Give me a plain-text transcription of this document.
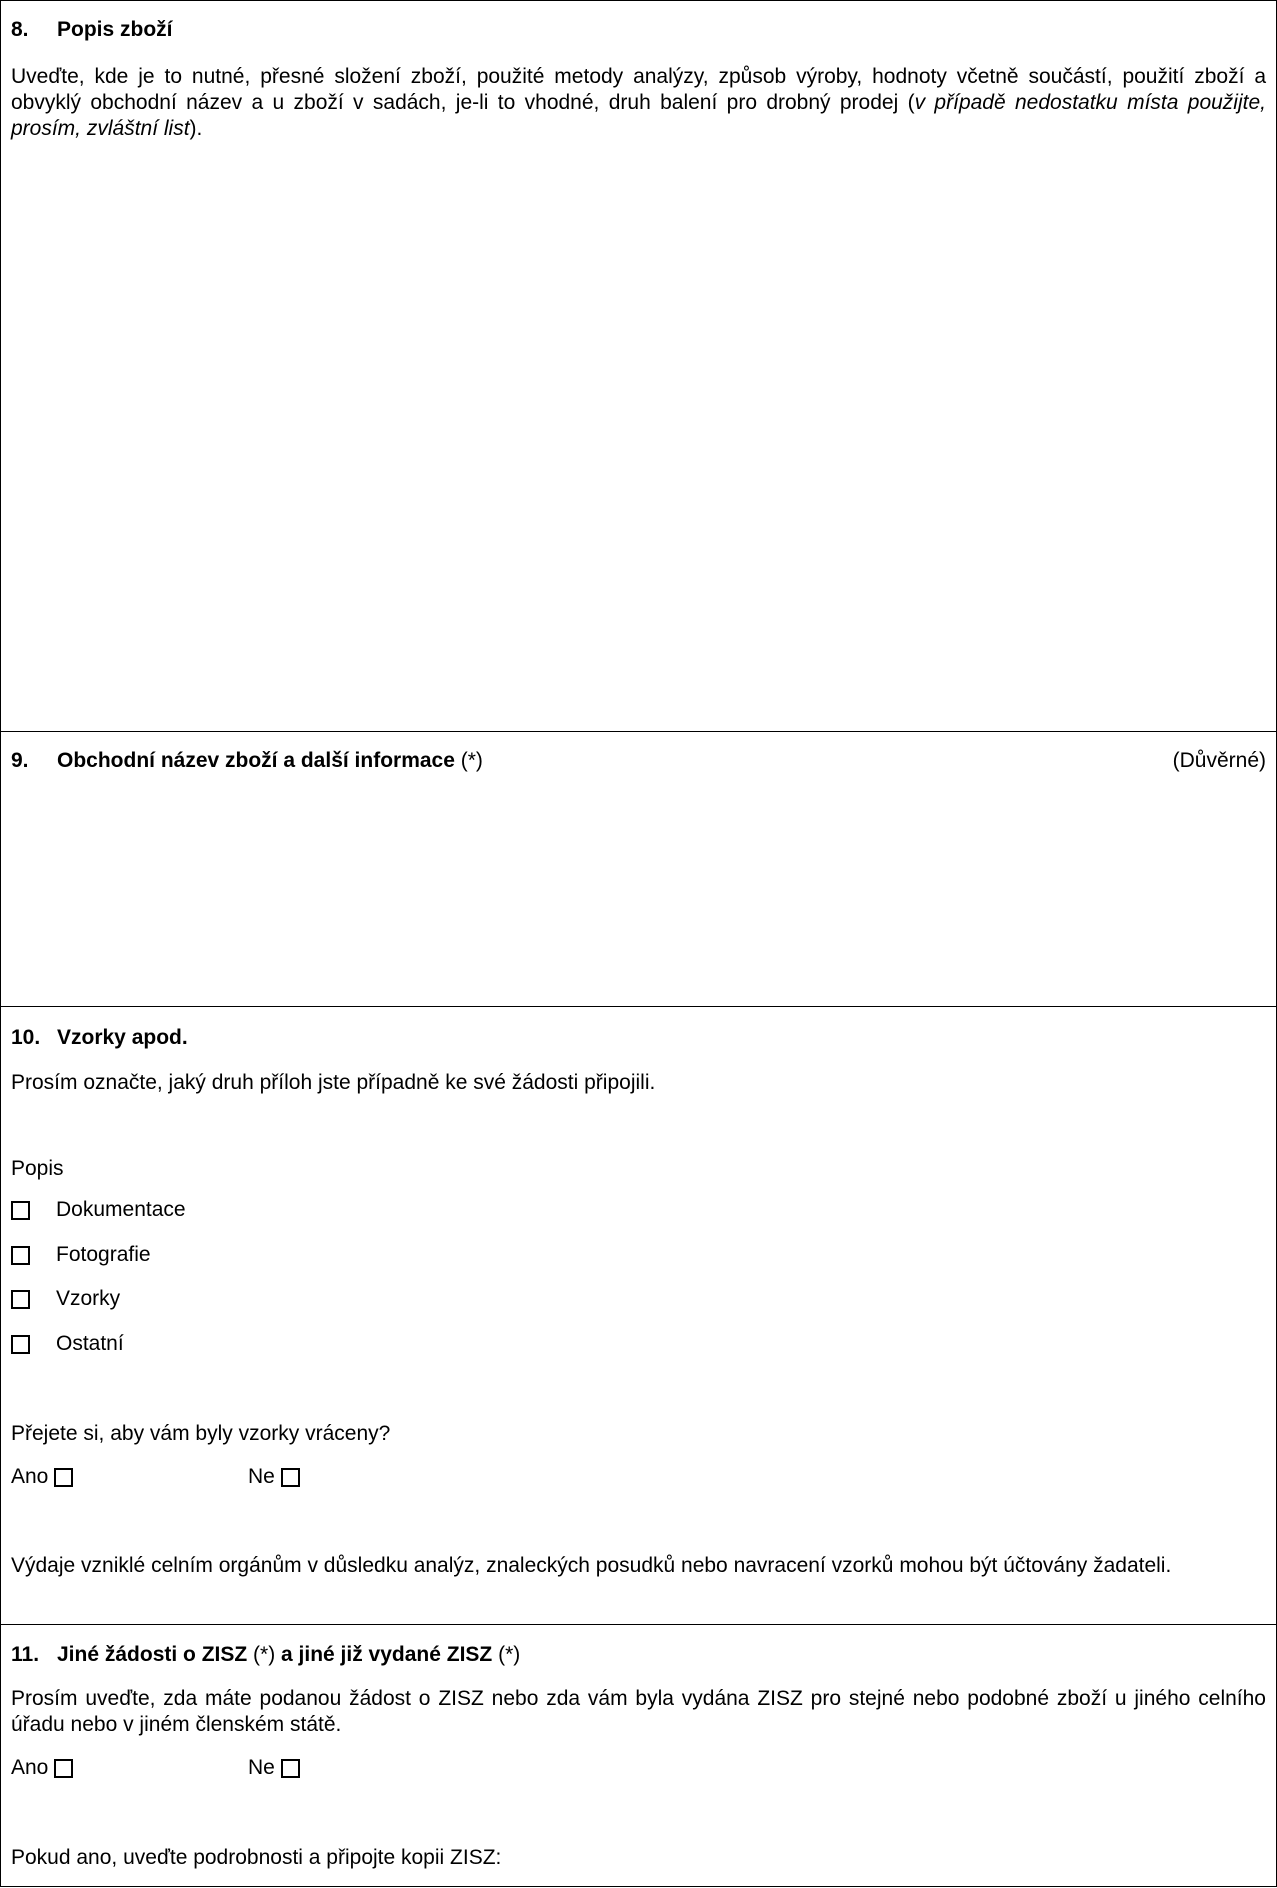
8.	Popis zboží
Uveďte, kde je to nutné, přesné složení zboží, použité metody analýzy, způsob výroby, hodnoty včetně součástí, použití zboží a obvyklý obchodní název a u zboží v sadách, je-li to vhodné, druh balení pro drobný prodej (v případě nedostatku místa použijte, prosím, zvláštní list).
9.	Obchodní název zboží a další informace (*)	(Důvěrné)
10. Vzorky apod.
Prosím označte, jaký druh příloh jste případně ke své žádosti připojili.
Popis
Dokumentace
Fotografie
Vzorky
Ostatní
Přejete si, aby vám byly vzorky vráceny?
Ano	Ne
Výdaje vzniklé celním orgánům v důsledku analýz, znaleckých posudků nebo navracení vzorků mohou být účtovány žadateli.
11. Jiné žádosti o ZISZ (*) a jiné již vydané ZISZ (*)
Prosím uveďte, zda máte podanou žádost o ZISZ nebo zda vám byla vydána ZISZ pro stejné nebo podobné zboží u jiného celního úřadu nebo v jiném členském státě.
Ano	Ne
Pokud ano, uveďte podrobnosti a připojte kopii ZISZ:
